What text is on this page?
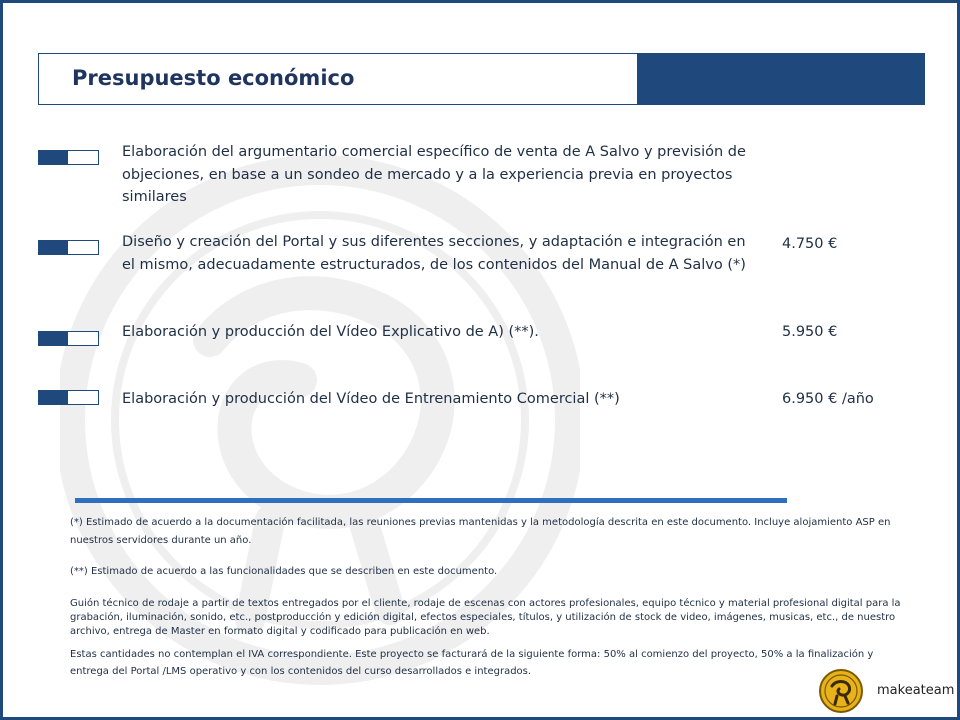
Presupuesto económico
Elaboración del argumentario comercial específico de venta de A Salvo y previsión de objeciones, en base a un sondeo de mercado y a la experiencia previa en proyectos similares
Diseño y creación del Portal y sus diferentes secciones, y adaptación e integración en el mismo, adecuadamente estructurados, de los contenidos del Manual de A Salvo (*)
4.750 €
Elaboración y producción del Vídeo Explicativo de A) (**).	5.950 €
Elaboración y producción del Vídeo de Entrenamiento Comercial (**)	6.950 € /año
(*) Estimado de acuerdo a la documentación facilitada, las reuniones previas mantenidas y la metodología descrita en este documento. Incluye alojamiento ASP en nuestros servidores durante un año.
(**) Estimado de acuerdo a las funcionalidades que se describen en este documento.
Guión técnico de rodaje a partir de textos entregados por el cliente, rodaje de escenas con actores profesionales, equipo técnico y material profesional digital para la grabación, iluminación, sonido, etc., postproducción y edición digital, efectos especiales, títulos, y utilización de stock de video, imágenes, musicas, etc., de nuestro archivo, entrega de Master en formato digital y codificado para publicación en web.
Estas cantidades no contemplan el IVA correspondiente. Este proyecto se facturará de la siguiente forma: 50% al comienzo del proyecto, 50% a la finalización y entrega del Portal /LMS operativo y con los contenidos del curso desarrollados e integrados.
makeateam
